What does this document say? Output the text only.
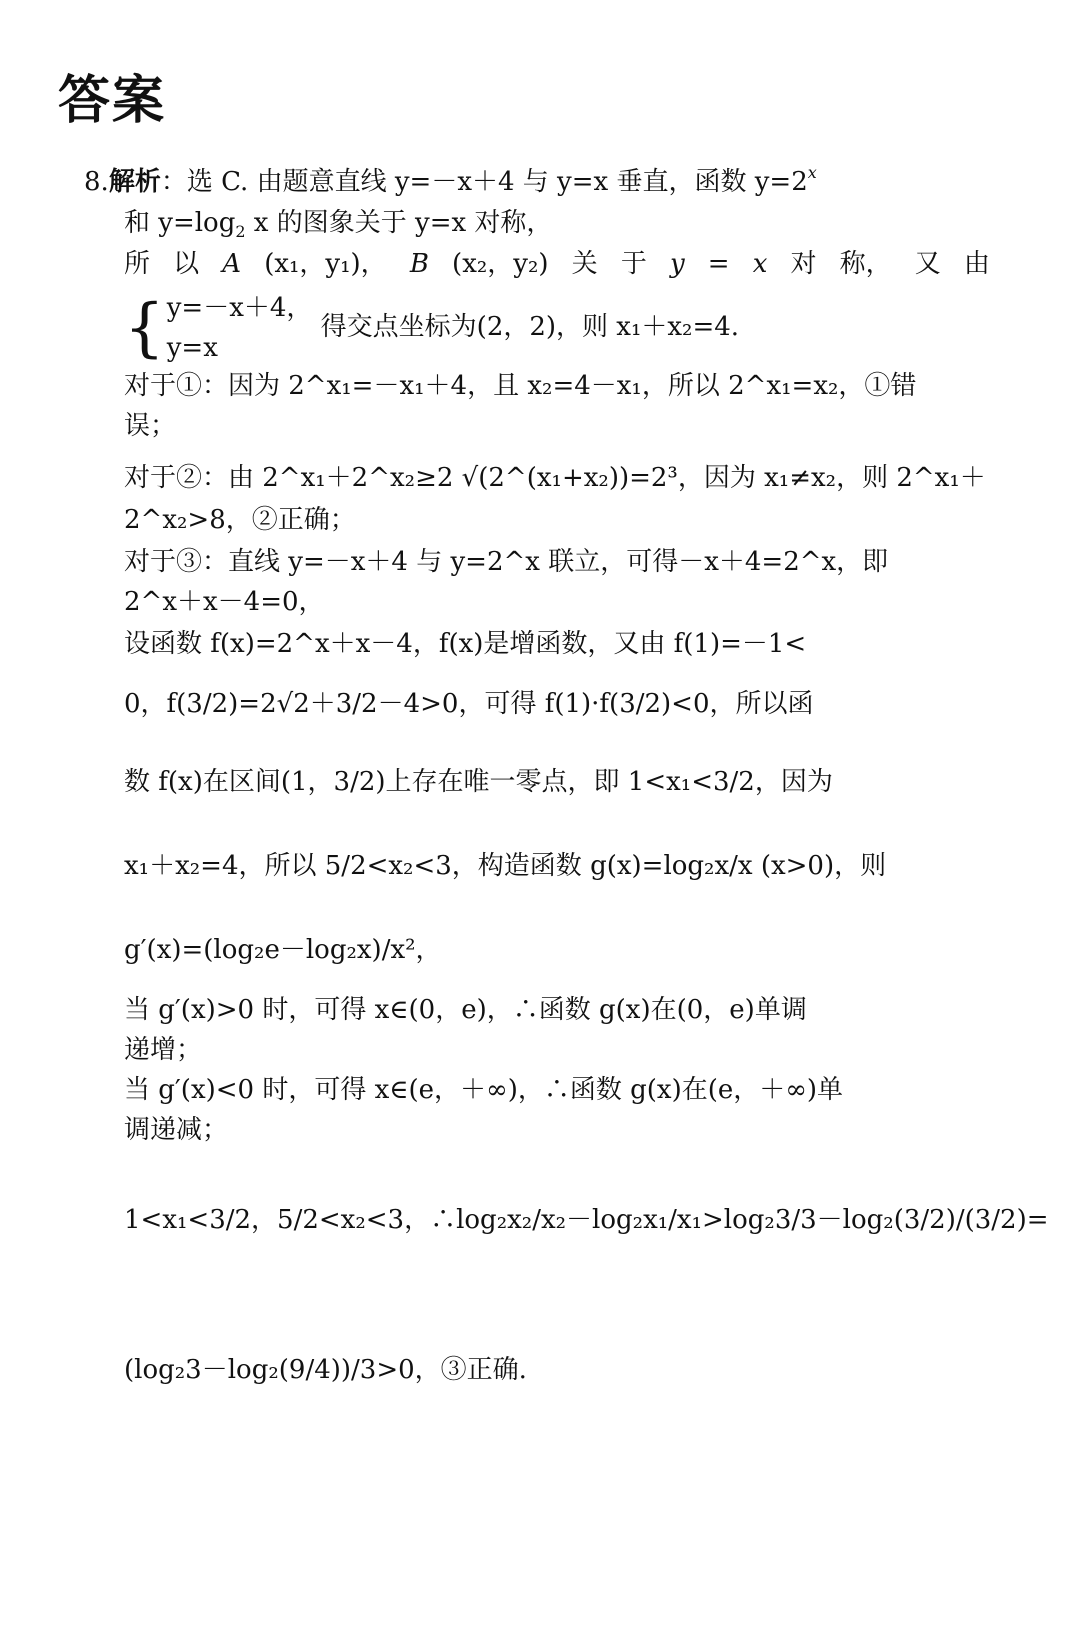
答案
8.解析：选 C. 由题意直线 y=－x＋4 与 y=x 垂直，函数 $y=2^x$
和 $y=\log_2$ x 的图象关于 y=x 对称，
所 以 A (x₁，y₁)， B (x₂，y₂) 关 于 y = x 对 称， 又 由
{ y=－x＋4，
y=x
得交点坐标为(2，2)，则 x₁＋x₂=4.
对于①：因为 2^x₁=－x₁＋4，且 x₂=4－x₁，所以 2^x₁=x₂，①错
误；
对于②：由 2^x₁＋2^x₂≥2 √(2^(x₁+x₂))=2³，因为 x₁≠x₂，则 2^x₁＋
2^x₂>8，②正确；
对于③：直线 y=－x＋4 与 y=2^x 联立，可得－x＋4=2^x，即
2^x＋x－4=0，
设函数 f(x)=2^x＋x－4，f(x)是增函数，又由 f(1)=－1<
0，f(3/2)=2√2＋3/2－4>0，可得 f(1)·f(3/2)<0，所以函
数 f(x)在区间(1，3/2)上存在唯一零点，即 1<x₁<3/2，因为
x₁＋x₂=4，所以 5/2<x₂<3，构造函数 g(x)=log₂x/x (x>0)，则
g′(x)=(log₂e－log₂x)/x²，
当 g′(x)>0 时，可得 x∈(0，e)，∴函数 g(x)在(0，e)单调
递增；
当 g′(x)<0 时，可得 x∈(e，＋∞)，∴函数 g(x)在(e，＋∞)单
调递减；
1<x₁<3/2，5/2<x₂<3，∴log₂x₂/x₂－log₂x₁/x₁>log₂3/3－log₂(3/2)/(3/2)=
(log₂3－log₂(9/4))/3>0，③正确.
